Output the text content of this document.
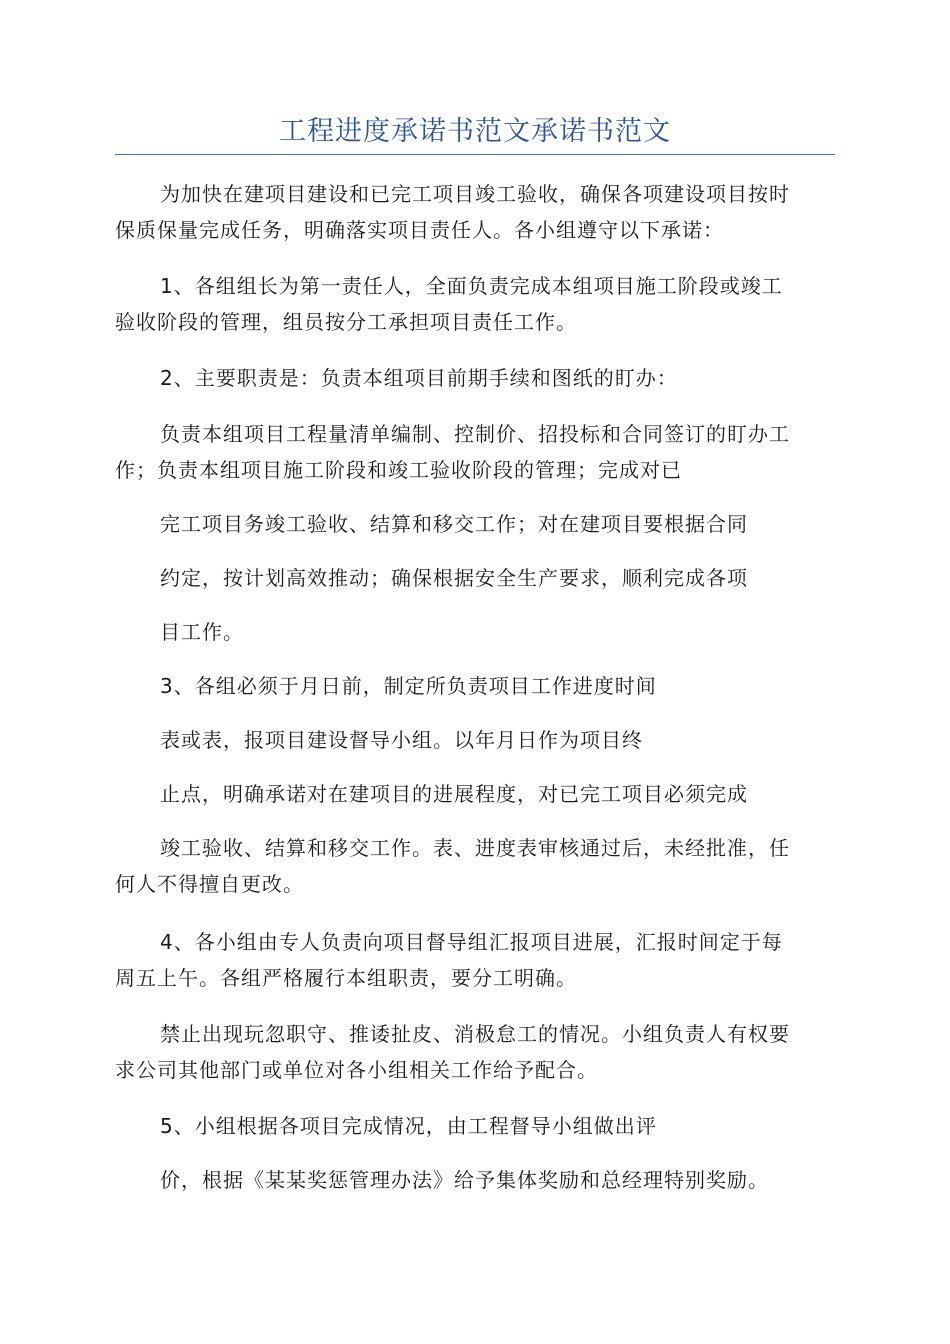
工程进度承诺书范文承诺书范文

为加快在建项目建设和已完工项目竣工验收，确保各项建设项目按时
保质保量完成任务，明确落实项目责任人。各小组遵守以下承诺：

1、各组组长为第一责任人，全面负责完成本组项目施工阶段或竣工
验收阶段的管理，组员按分工承担项目责任工作。

2、主要职责是：负责本组项目前期手续和图纸的盯办：

负责本组项目工程量清单编制、控制价、招投标和合同签订的盯办工
作；负责本组项目施工阶段和竣工验收阶段的管理；完成对已

完工项目务竣工验收、结算和移交工作；对在建项目要根据合同

约定，按计划高效推动；确保根据安全生产要求，顺利完成各项

目工作。

3、各组必须于月日前，制定所负责项目工作进度时间

表或表，报项目建设督导小组。以年月日作为项目终

止点，明确承诺对在建项目的进展程度，对已完工项目必须完成

竣工验收、结算和移交工作。表、进度表审核通过后，未经批准，任
何人不得擅自更改。

4、各小组由专人负责向项目督导组汇报项目进展，汇报时间定于每
周五上午。各组严格履行本组职责，要分工明确。

禁止出现玩忽职守、推诿扯皮、消极怠工的情况。小组负责人有权要
求公司其他部门或单位对各小组相关工作给予配合。

5、小组根据各项目完成情况，由工程督导小组做出评

价，根据《某某奖惩管理办法》给予集体奖励和总经理特别奖励。
